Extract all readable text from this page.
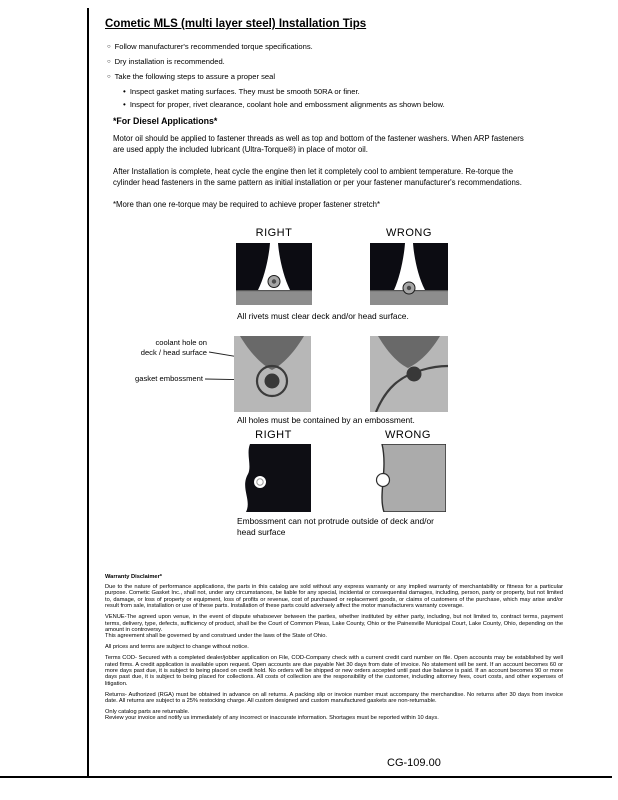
Cometic MLS (multi layer steel) Installation Tips
○ Follow manufacturer's recommended torque specifications.
○ Dry installation is recommended.
○ Take the following steps to assure a proper seal
• Inspect gasket mating surfaces. They must be smooth 50RA or finer.
• Inspect for proper, rivet clearance, coolant hole and embossment alignments as shown below.
*For Diesel Applications*

Motor oil should be applied to fastener threads as well as top and bottom of the fastener washers. When ARP fasteners are used apply the included lubricant (Ultra-Torque®) in place of motor oil.

After Installation is complete, heat cycle the engine then let it completely cool to ambient temperature. Re-torque the cylinder head fasteners in the same pattern as initial installation or per your fastener manufacturer's recommendations.

*More than one re-torque may be required to achieve proper fastener stretch*

RIGHT	WRONG
All rivets must clear deck and/or head surface.
coolant hole on
deck / head surface
gasket embossment
All holes must be contained by an embossment.
RIGHT	WRONG
Embossment can not protrude outside of deck and/or head surface
Warranty Disclaimer*

Due to the nature of performance applications, the parts in this catalog are sold without any express warranty or any implied warranty of merchantability or fitness for a particular purpose. Cometic Gasket Inc., shall not, under any circumstances, be liable for any special, incidental or consequential damages, including, person, party or property, but not limited to, damage, or loss of property or equipment, loss of profits or revenue, cost of purchased or replacement goods, or claims of customers of the purchase, which may arise and/or result from sale, installation or use of these parts. Installation of these parts could adversely affect the motor manufacturers warranty coverage.

VENUE-The agreed upon venue, in the event of dispute whatsoever between the parties, whether instituted by either party, including, but not limited to, contract terms, payment terms, delivery, type, defects, sufficiency of product, shall be the Court of Common Pleas, Lake County, Ohio or the Painesville Municipal Court, Lake County, Ohio, depending on the amount in controversy.

This agreement shall be governed by and construed under the laws of the State of Ohio.

All prices and terms are subject to change without notice.

Terms COD- Secured with a completed dealer/jobber application on File, COD-Company check with a current credit card number on file. Open accounts may be established by well rated firms. A credit application is available upon request. Open accounts are due payable Net 30 days from date of invoice. No statement will be sent. If an account becomes 60 or more days past due, it is subject to being placed on credit hold. No orders will be shipped or new orders accepted until past due balance is paid. If an account becomes 90 or more days past due, it is subject to being placed for collections. All costs of collection are the responsibility of the customer, including attorney fees, court costs, and other expenses of litigation.

Returns- Authorized (RGA) must be obtained in advance on all returns. A packing slip or invoice number must accompany the merchandise. No returns after 30 days from invoice date. All returns are subject to a 25% restocking charge. All custom designed and custom manufactured gaskets are non-returnable.

Only catalog parts are returnable.

Review your invoice and notify us immediately of any incorrect or inaccurate information. Shortages must be reported within 10 days.

CG-109.00
